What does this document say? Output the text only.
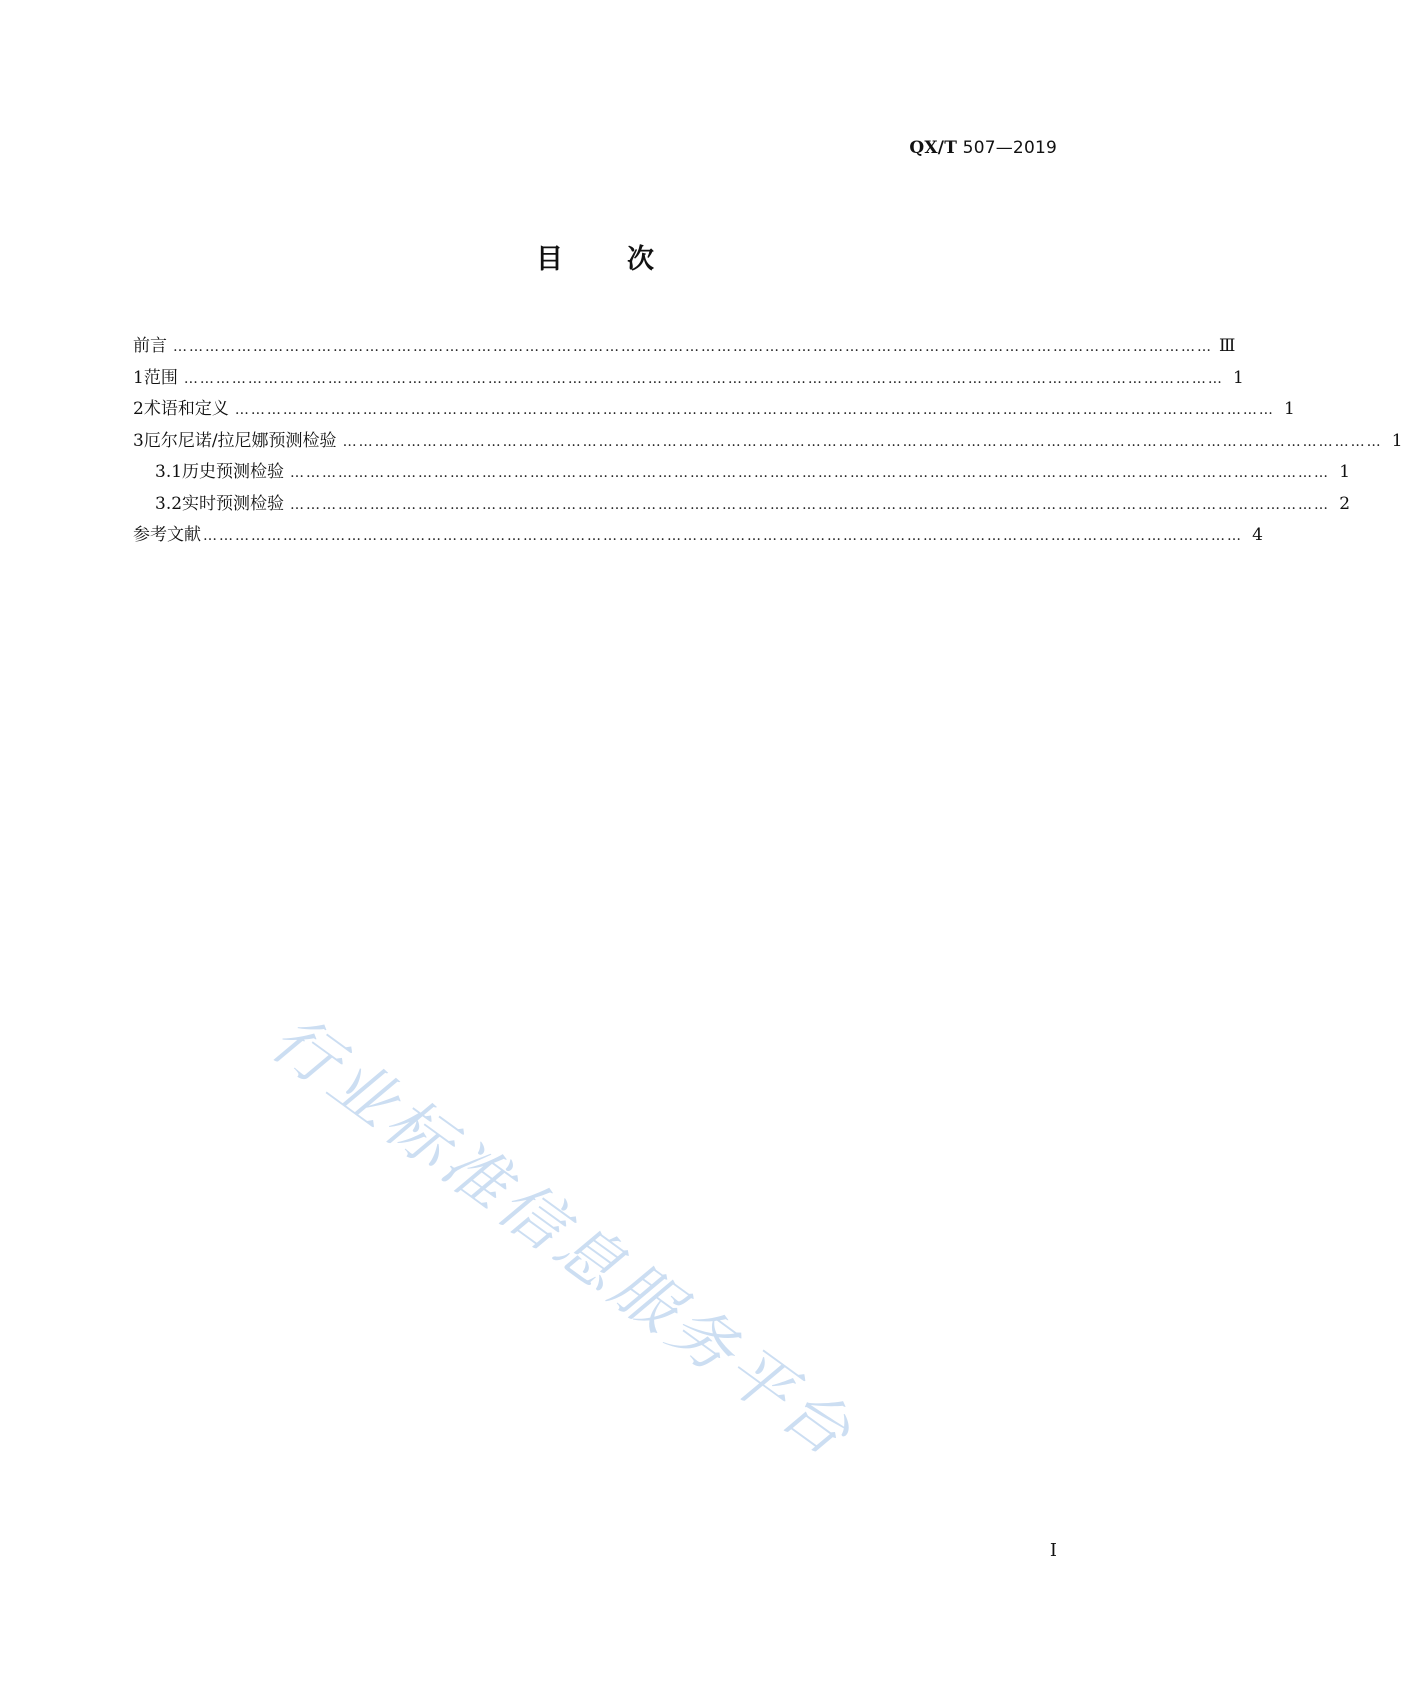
QX/T 507—2019
目次
前言 …………………………………………………………………………………………………………………………………………………………………………… Ⅲ
1 范围 …………………………………………………………………………………………………………………………………………………………………………… 1
2 术语和定义 …………………………………………………………………………………………………………………………………………………………………………… 1
3 厄尔尼诺/拉尼娜预测检验 …………………………………………………………………………………………………………………………………………………………………………… 1
3.1 历史预测检验 …………………………………………………………………………………………………………………………………………………………………………… 1
3.2 实时预测检验 …………………………………………………………………………………………………………………………………………………………………………… 2
参考文献 …………………………………………………………………………………………………………………………………………………………………………… 4
行业标准信息服务平台
I
